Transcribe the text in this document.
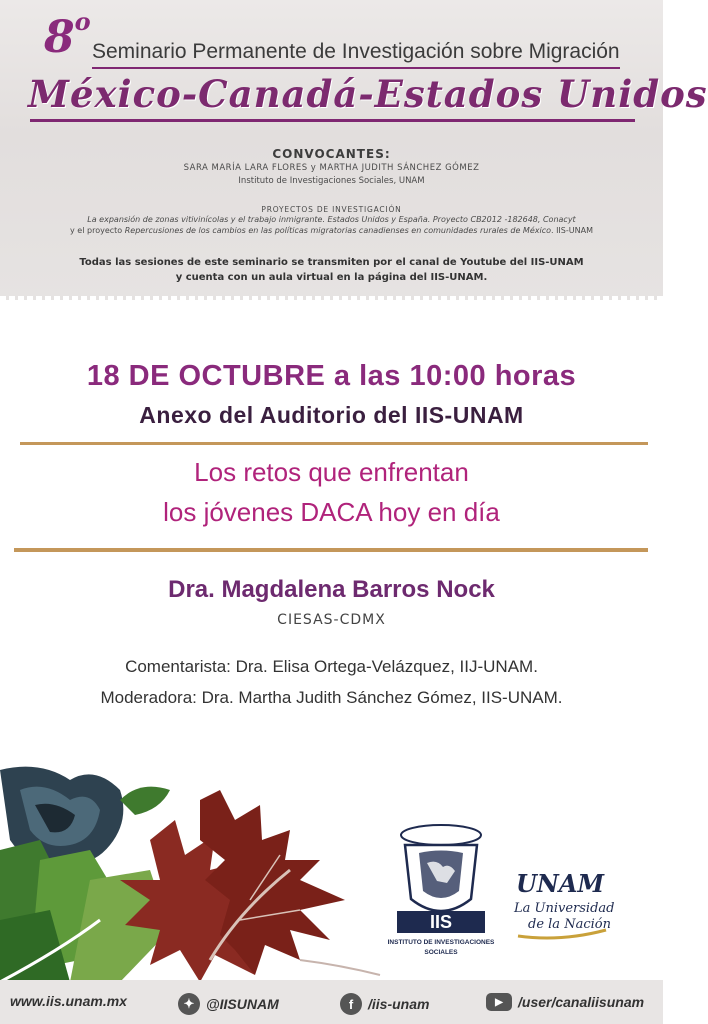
8$^o$
Seminario Permanente de Investigación sobre Migración
México-Canadá-Estados Unidos
CONVOCANTES:
SARA MARÍA LARA FLORES y MARTHA JUDITH SÁNCHEZ GÓMEZ
Instituto de Investigaciones Sociales, UNAM
PROYECTOS DE INVESTIGACIÓN
La expansión de zonas vitivinícolas y el trabajo inmigrante. Estados Unidos y España. Proyecto CB2012 -182648, Conacyt
y el proyecto Repercusiones de los cambios en las políticas migratorias canadienses en comunidades rurales de México. IIS-UNAM
Todas las sesiones de este seminario se transmiten por el canal de Youtube del IIS-UNAM
y cuenta con un aula virtual en la página del IIS-UNAM.
18 DE OCTUBRE a las 10:00 horas
Anexo del Auditorio del IIS-UNAM
Los retos que enfrentan
los jóvenes DACA hoy en día
Dra. Magdalena Barros Nock
CIESAS-CDMX
Comentarista: Dra. Elisa Ortega-Velázquez, IIJ-UNAM.
Moderadora: Dra. Martha Judith Sánchez Gómez, IIS-UNAM.
IIS
INSTITUTO DE INVESTIGACIONES
SOCIALES
UNAM
La Universidad
de la Nación
www.iis.unam.mx	✦ @IISUNAM	f	/iis-unam	▶	/user/canaliisunam
